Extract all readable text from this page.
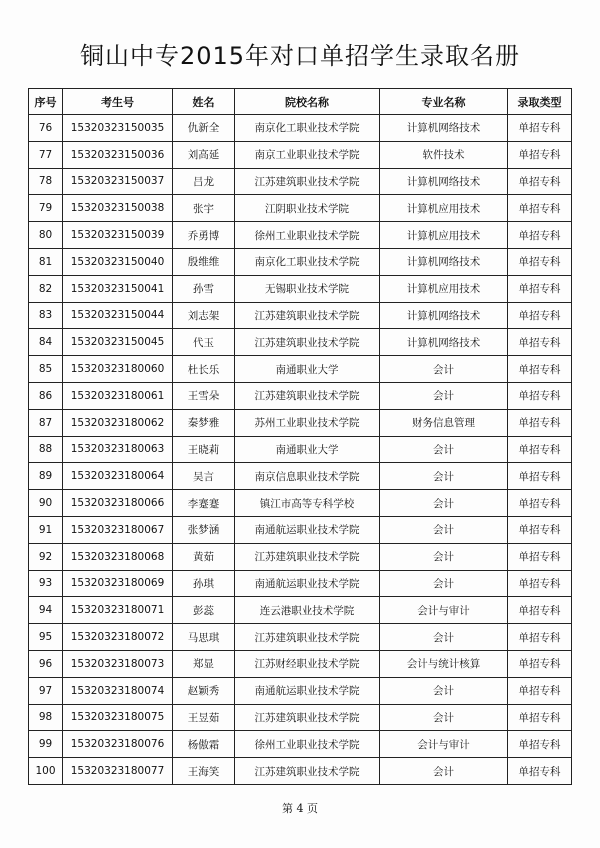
铜山中专2015年对口单招学生录取名册
序号	考生号	姓名	院校名称	专业名称	录取类型
76	15320323150035	仇新全	南京化工职业技术学院	计算机网络技术	单招专科
77	15320323150036	刘高延	南京工业职业技术学院	软件技术	单招专科
78	15320323150037	吕龙	江苏建筑职业技术学院	计算机网络技术	单招专科
79	15320323150038	张宇	江阴职业技术学院	计算机应用技术	单招专科
80	15320323150039	乔勇博	徐州工业职业技术学院	计算机应用技术	单招专科
81	15320323150040	殷维维	南京化工职业技术学院	计算机网络技术	单招专科
82	15320323150041	孙雪	无锡职业技术学院	计算机应用技术	单招专科
83	15320323150044	刘志架	江苏建筑职业技术学院	计算机网络技术	单招专科
84	15320323150045	代玉	江苏建筑职业技术学院	计算机网络技术	单招专科
85	15320323180060	杜长乐	南通职业大学	会计	单招专科
86	15320323180061	王雪朵	江苏建筑职业技术学院	会计	单招专科
87	15320323180062	秦梦雅	苏州工业职业技术学院	财务信息管理	单招专科
88	15320323180063	王晓莉	南通职业大学	会计	单招专科
89	15320323180064	吴言	南京信息职业技术学院	会计	单招专科
90	15320323180066	李蹇蹇	镇江市高等专科学校	会计	单招专科
91	15320323180067	张梦涵	南通航运职业技术学院	会计	单招专科
92	15320323180068	黄茹	江苏建筑职业技术学院	会计	单招专科
93	15320323180069	孙琪	南通航运职业技术学院	会计	单招专科
94	15320323180071	彭蕊	连云港职业技术学院	会计与审计	单招专科
95	15320323180072	马思琪	江苏建筑职业技术学院	会计	单招专科
96	15320323180073	郑显	江苏财经职业技术学院	会计与统计核算	单招专科
97	15320323180074	赵颖秀	南通航运职业技术学院	会计	单招专科
98	15320323180075	王昱茹	江苏建筑职业技术学院	会计	单招专科
99	15320323180076	杨傲霜	徐州工业职业技术学院	会计与审计	单招专科
100	15320323180077	王海笑	江苏建筑职业技术学院	会计	单招专科
第 4 页
